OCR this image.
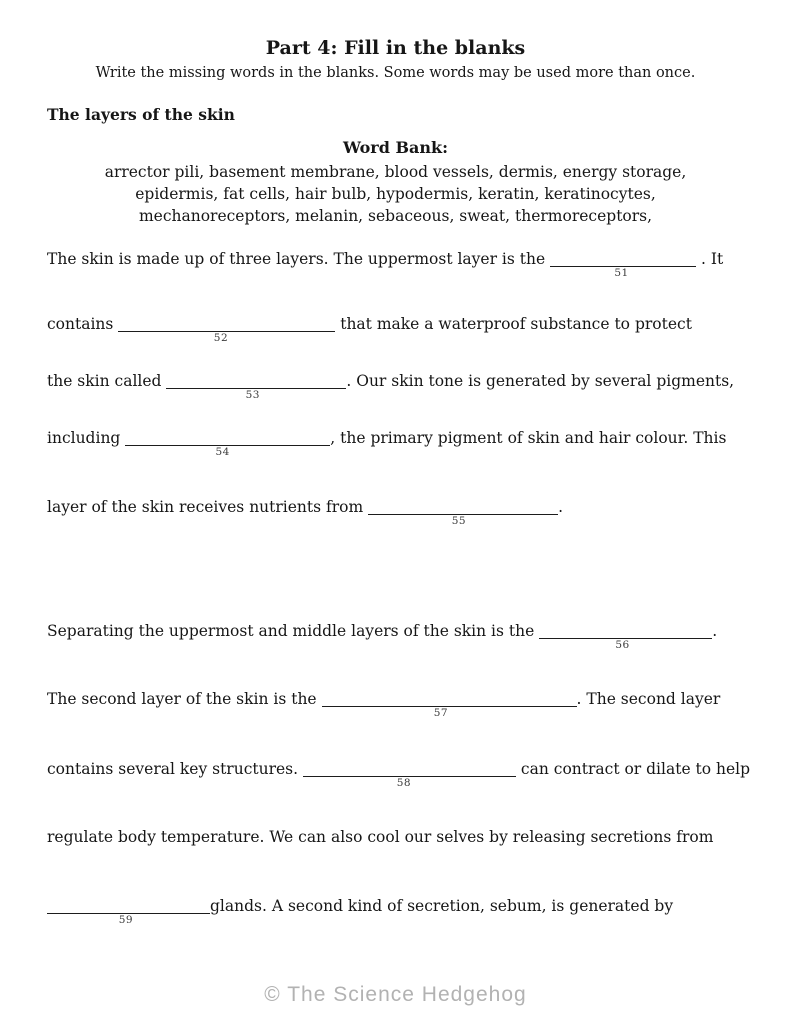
Part 4: Fill in the blanks
Write the missing words in the blanks. Some words may be used more than once.
The layers of the skin
Word Bank:
arrector pili, basement membrane, blood vessels, dermis, energy storage,
epidermis, fat cells, hair bulb, hypodermis, keratin, keratinocytes,
mechanoreceptors, melanin, sebaceous, sweat, thermoreceptors,
The skin is made up of three layers. The uppermost layer is the
51
. It
contains
52
that make a waterproof substance to protect
the skin called
53
. Our skin tone is generated by several pigments,
including
54
, the primary pigment of skin and hair colour. This
layer of the skin receives nutrients from
55
.
Separating the uppermost and middle layers of the skin is the
56
.
The second layer of the skin is the
57
. The second layer
contains several key structures.
58
can contract or dilate to help
regulate body temperature. We can also cool our selves by releasing secretions from
59
glands. A second kind of secretion, sebum, is generated by
© The Science Hedgehog
